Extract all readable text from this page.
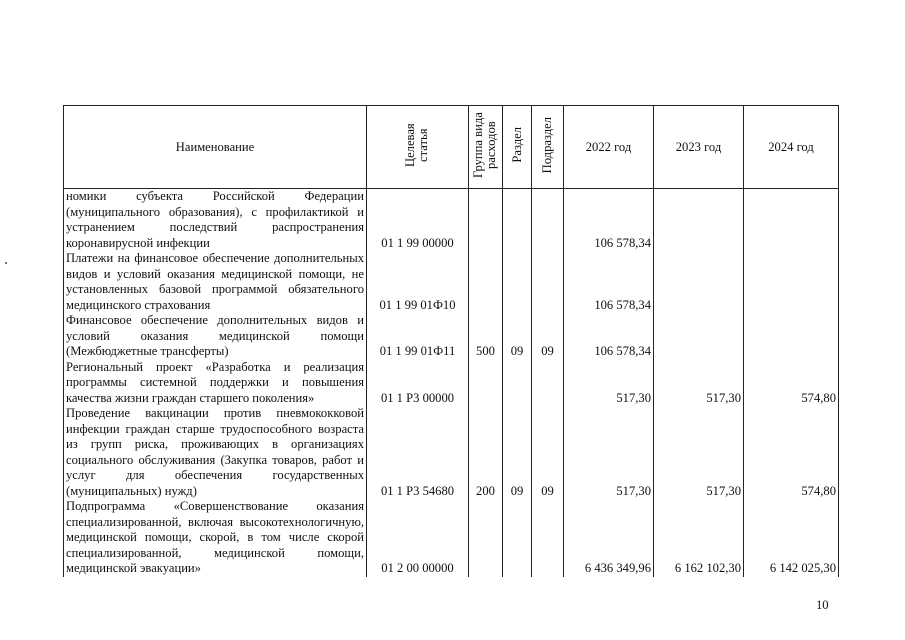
Наименование	Целевая статья	Группа вида расходов	Раздел	Подраздел	2022 год	2023 год	2024 год
номики субъекта Российской Федерации (муниципального образования), с профилактикой и устранением последствий распространения коронавирусной инфекции	01 1 99 00000				106 578,34		
Платежи на финансовое обеспечение дополнительных видов и условий оказания медицинской помощи, не установленных базовой программой обязательного медицинского страхования	01 1 99 01Ф10				106 578,34		
Финансовое обеспечение дополнительных видов и условий оказания медицинской помощи (Межбюджетные трансферты)	01 1 99 01Ф11	500	09	09	106 578,34		
Региональный проект «Разработка и реализация программы системной поддержки и повышения качества жизни граждан старшего поколения»	01 1 P3 00000				517,30	517,30	574,80
Проведение вакцинации против пневмококковой инфекции граждан старше трудоспособного возраста из групп риска, проживающих в организациях социального обслуживания (Закупка товаров, работ и услуг для обеспечения государственных (муниципальных) нужд)	01 1 P3 54680	200	09	09	517,30	517,30	574,80
Подпрограмма «Совершенствование оказания специализированной, включая высокотехнологичную, медицинской помощи, скорой, в том числе скорой специализированной, медицинской помощи, медицинской эвакуации»	01 2 00 00000				6 436 349,96	6 162 102,30	6 142 025,30
10
